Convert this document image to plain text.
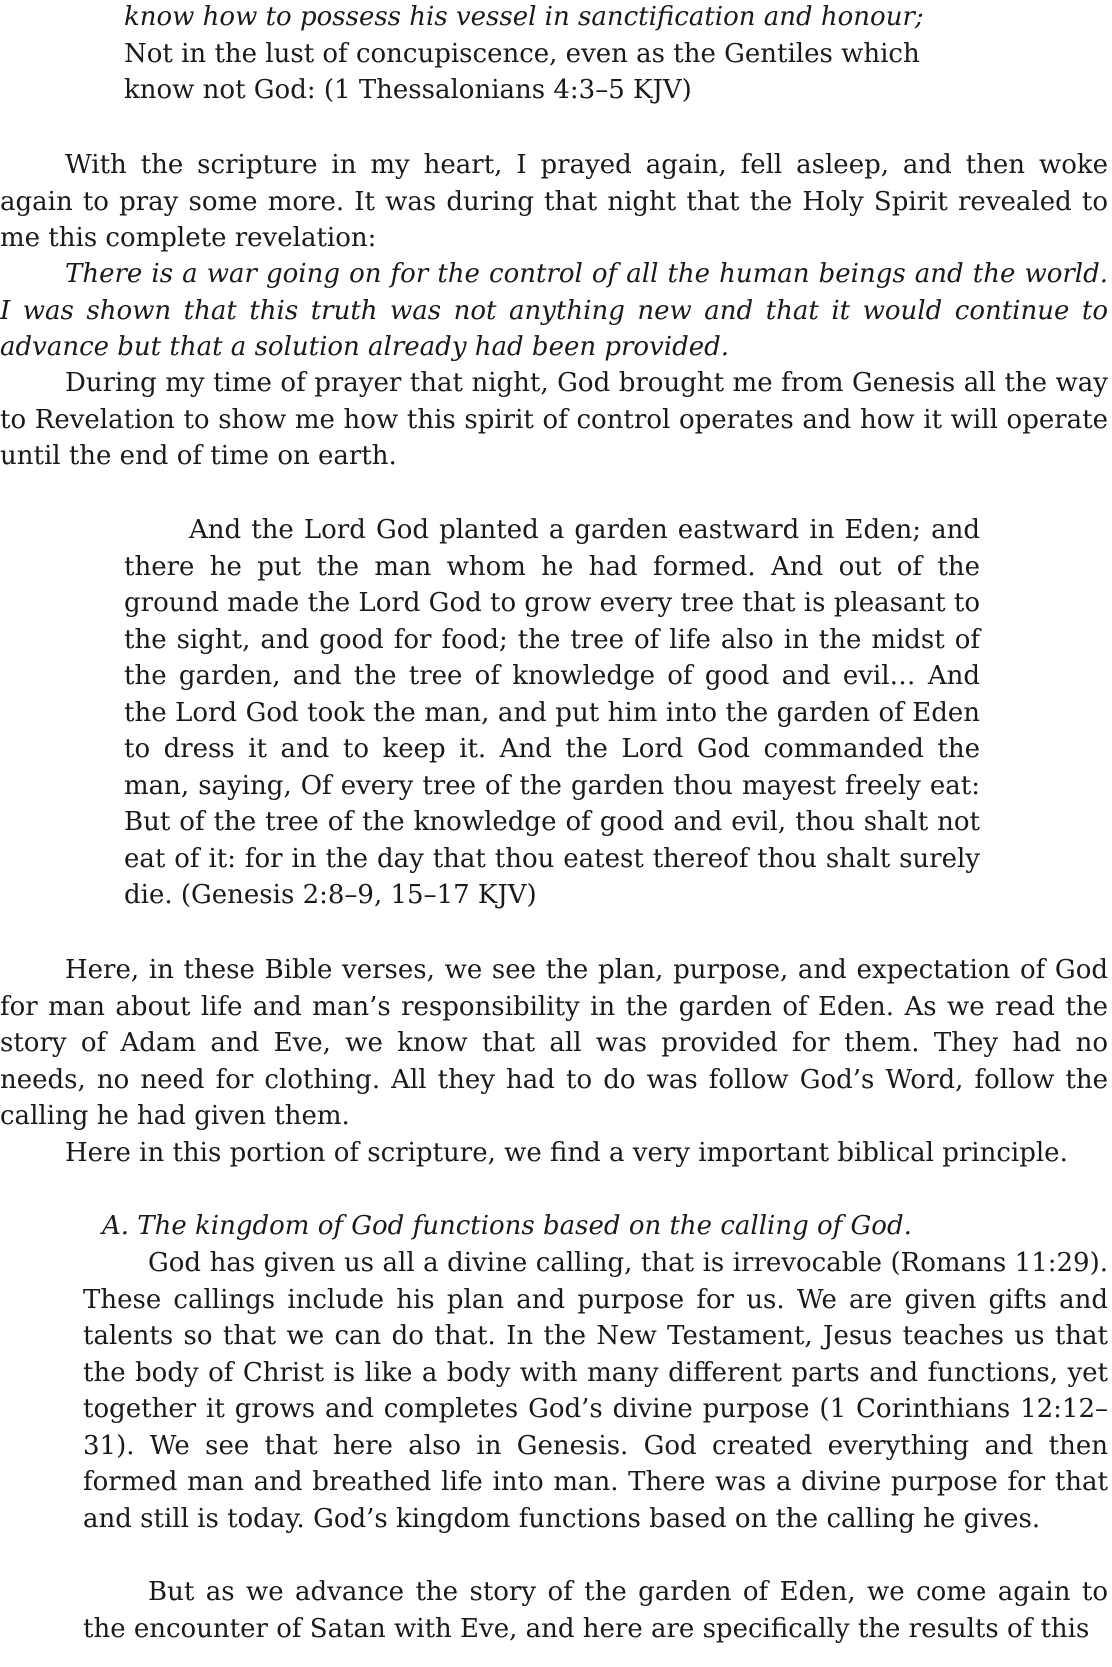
know how to possess his vessel in sanctification and honour; Not in the lust of concupiscence, even as the Gentiles which know not God: (1 Thessalonians 4:3–5 KJV)

With the scripture in my heart, I prayed again, fell asleep, and then woke again to pray some more. It was during that night that the Holy Spirit revealed to me this complete revelation:

There is a war going on for the control of all the human beings and the world. I was shown that this truth was not anything new and that it would continue to advance but that a solution already had been provided.

During my time of prayer that night, God brought me from Genesis all the way to Revelation to show me how this spirit of control operates and how it will operate until the end of time on earth.

And the Lord God planted a garden eastward in Eden; and there he put the man whom he had formed. And out of the ground made the Lord God to grow every tree that is pleasant to the sight, and good for food; the tree of life also in the midst of the garden, and the tree of knowledge of good and evil… And the Lord God took the man, and put him into the garden of Eden to dress it and to keep it. And the Lord God commanded the man, saying, Of every tree of the garden thou mayest freely eat: But of the tree of the knowledge of good and evil, thou shalt not eat of it: for in the day that thou eatest thereof thou shalt surely die. (Genesis 2:8–9, 15–17 KJV)

Here, in these Bible verses, we see the plan, purpose, and expectation of God for man about life and man’s responsibility in the garden of Eden. As we read the story of Adam and Eve, we know that all was provided for them. They had no needs, no need for clothing. All they had to do was follow God’s Word, follow the calling he had given them.

Here in this portion of scripture, we find a very important biblical principle.

A. The kingdom of God functions based on the calling of God.

God has given us all a divine calling, that is irrevocable (Romans 11:29). These callings include his plan and purpose for us. We are given gifts and talents so that we can do that. In the New Testament, Jesus teaches us that the body of Christ is like a body with many different parts and functions, yet together it grows and completes God’s divine purpose (1 Corinthians 12:12–31). We see that here also in Genesis. God created everything and then formed man and breathed life into man. There was a divine purpose for that and still is today. God’s kingdom functions based on the calling he gives.

But as we advance the story of the garden of Eden, we come again to the encounter of Satan with Eve, and here are specifically the results of this
